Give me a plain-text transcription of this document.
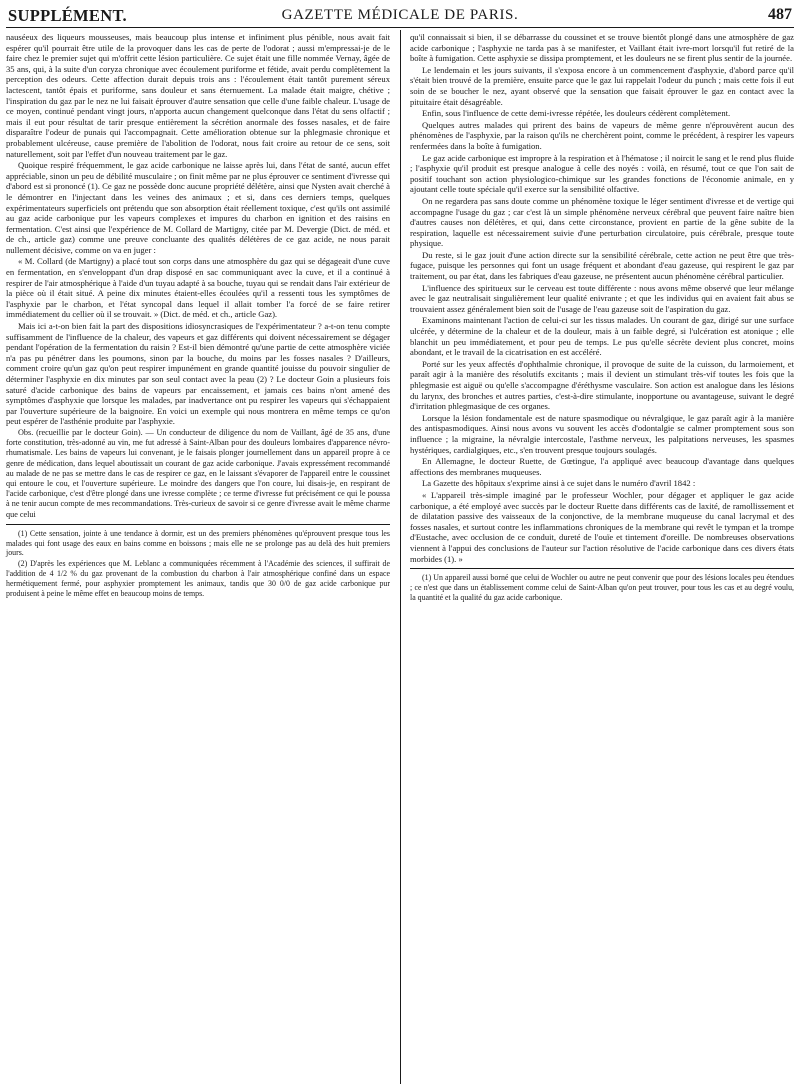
SUPPLÉMENT.	GAZETTE MÉDICALE DE PARIS.	487

nauséeux des liqueurs mousseuses, mais beaucoup plus intense et infiniment plus pénible, nous avait fait espérer qu'il pourrait être utile de la provoquer dans les cas de perte de l'odorat ; aussi m'empressai-je de le faire chez le premier sujet qui m'offrit cette lésion particulière. Ce sujet était une fille nommée Vernay, âgée de 35 ans, qui, à la suite d'un coryza chronique avec écoulement puriforme et fétide, avait perdu complètement la perception des odeurs. Cette affection durait depuis trois ans : l'écoulement était tantôt purement séreux lactescent, tantôt épais et puriforme, sans douleur et sans éternuement. La malade était maigre, chétive ; l'inspiration du gaz par le nez ne lui faisait éprouver d'autre sensation que celle d'une faible chaleur. L'usage de ce moyen, continué pendant vingt jours, n'apporta aucun changement quelconque dans l'état du sens olfactif ; mais il eut pour résultat de tarir presque entièrement la sécrétion anormale des fosses nasales, et de faire disparaître l'odeur de punais qui l'accompagnait. Cette amélioration obtenue sur la phlegmasie chronique et probablement ulcéreuse, cause première de l'abolition de l'odorat, nous fait croire au retour de ce sens, soit naturellement, soit par l'effet d'un nouveau traitement par le gaz.

Quoique respiré fréquemment, le gaz acide carbonique ne laisse après lui, dans l'état de santé, aucun effet appréciable, sinon un peu de débilité musculaire ; on finit même par ne plus éprouver ce sentiment d'ivresse qui d'abord est si prononcé (1). Ce gaz ne possède donc aucune propriété délétère, ainsi que Nysten avait cherché à le démontrer en l'injectant dans les veines des animaux ; et si, dans ces derniers temps, quelques expérimentateurs superficiels ont prétendu que son absorption était réellement toxique, c'est qu'ils ont assimilé au gaz acide carbonique pur les vapeurs complexes et impures du charbon en ignition et des raisins en fermentation. C'est ainsi que l'expérience de M. Collard de Martigny, citée par M. Devergie (Dict. de méd. et de ch., article gaz) comme une preuve concluante des qualités délétères de ce gaz acide, ne nous parait nullement décisive, comme on va en juger :

« M. Collard (de Martigny) a placé tout son corps dans une atmosphère du gaz qui se dégageait d'une cuve en fermentation, en s'enveloppant d'un drap disposé en sac communiquant avec la cuve, et il a continué à respirer de l'air atmosphérique à l'aide d'un tuyau adapté à sa bouche, tuyau qui se rendait dans l'air extérieur de la pièce où il était situé. A peine dix minutes étaient-elles écoulées qu'il a ressenti tous les symptômes de l'asphyxie par le charbon, et l'état syncopal dans lequel il allait tomber l'a forcé de se faire retirer immédiatement du cellier où il se trouvait. » (Dict. de méd. et ch., article Gaz).

Mais ici a-t-on bien fait la part des dispositions idiosyncrasiques de l'expérimentateur ? a-t-on tenu compte suffisamment de l'influence de la chaleur, des vapeurs et gaz différents qui doivent nécessairement se dégager pendant l'opération de la fermentation du raisin ? Est-il bien démontré qu'une partie de cette atmosphère viciée n'a pas pu pénétrer dans les poumons, sinon par la bouche, du moins par les fosses nasales ? D'ailleurs, comment croire qu'un gaz qu'on peut respirer impunément en grande quantité jouisse du pouvoir singulier de déterminer l'asphyxie en dix minutes par son seul contact avec la peau (2) ? Le docteur Goin a plusieurs fois saturé d'acide carbonique des bains de vapeurs par encaissement, et jamais ces bains n'ont amené des symptômes d'asphyxie que lorsque les malades, par inadvertance ont pu respirer les vapeurs qui s'échappaient par l'ouverture supérieure de la baignoire. En voici un exemple qui nous montrera en même temps ce qu'on peut espérer de l'asthénie produite par l'asphyxie.

Obs. (recueillie par le docteur Goin). — Un conducteur de diligence du nom de Vaillant, âgé de 35 ans, d'une forte constitution, très-adonné au vin, me fut adressé à Saint-Alban pour des douleurs lombaires d'apparence névro-rhumatismale. Les bains de vapeurs lui convenant, je le faisais plonger journellement dans un appareil propre à ce genre de médication, dans lequel aboutissait un courant de gaz acide carbonique. J'avais expressément recommandé au malade de ne pas se mettre dans le cas de respirer ce gaz, en le laissant s'évaporer de l'appareil entre le coussinet qui entoure le cou, et l'ouverture supérieure. Le moindre des dangers que l'on coure, lui disais-je, en respirant de l'acide carbonique, c'est d'être plongé dans une ivresse complète ; ce terme d'ivresse fut précisément ce qui le poussa à ne tenir aucun compte de mes recommandations. Très-curieux de savoir si ce genre d'ivresse avait le même charme que celui

(1) Cette sensation, jointe à une tendance à dormir, est un des premiers phénomènes qu'éprouvent presque tous les malades qui font usage des eaux en bains comme en boissons ; mais elle ne se prolonge pas au delà des huit premiers jours.

(2) D'après les expériences que M. Leblanc a communiquées récemment à l'Académie des sciences, il suffirait de l'addition de 4 1/2 % du gaz provenant de la combustion du charbon à l'air atmosphérique confiné dans un espace hermétiquement fermé, pour asphyxier promptement les animaux, tandis que 30 0/0 de gaz acide carbonique pur produisent à peine le même effet en beaucoup moins de temps.

qu'il connaissait si bien, il se débarrasse du coussinet et se trouve bientôt plongé dans une atmosphère de gaz acide carbonique ; l'asphyxie ne tarda pas à se manifester, et Vaillant était ivre-mort lorsqu'il fut retiré de la boîte à fumigation. Cette asphyxie se dissipa promptement, et les douleurs ne se firent plus sentir de la journée.

Le lendemain et les jours suivants, il s'exposa encore à un commencement d'asphyxie, d'abord parce qu'il s'était bien trouvé de la première, ensuite parce que le gaz lui rappelait l'odeur du punch ; mais cette fois il eut soin de se boucher le nez, ayant observé que la sensation que faisait éprouver le gaz en contact avec la pituitaire était désagréable.

Enfin, sous l'influence de cette demi-ivresse répétée, les douleurs cédèrent complètement.

Quelques autres malades qui prirent des bains de vapeurs de même genre n'éprouvèrent aucun des phénomènes de l'asphyxie, par la raison qu'ils ne cherchèrent point, comme le précédent, à respirer les vapeurs renfermées dans la boîte à fumigation.

Le gaz acide carbonique est impropre à la respiration et à l'hématose ; il noircit le sang et le rend plus fluide ; l'asphyxie qu'il produit est presque analogue à celle des noyés : voilà, en résumé, tout ce que l'on sait de positif touchant son action physiologico-chimique sur les grandes fonctions de l'économie animale, en y ajoutant celle toute spéciale qu'il exerce sur la sensibilité olfactive.

On ne regardera pas sans doute comme un phénomène toxique le léger sentiment d'ivresse et de vertige qui accompagne l'usage du gaz ; car c'est là un simple phénomène nerveux cérébral que peuvent faire naître bien d'autres causes non délétères, et qui, dans cette circonstance, provient en partie de la gêne subite de la respiration, laquelle est nécessairement suivie d'une perturbation circulatoire, puis cérébrale, presque toute physique.

Du reste, si le gaz jouit d'une action directe sur la sensibilité cérébrale, cette action ne peut être que très-fugace, puisque les personnes qui font un usage fréquent et abondant d'eau gazeuse, qui respirent le gaz par traitement, ou par état, dans les fabriques d'eau gazeuse, ne présentent aucun phénomène cérébral particulier.

L'influence des spiritueux sur le cerveau est toute différente : nous avons même observé que leur mélange avec le gaz neutralisait singulièrement leur qualité enivrante ; et que les individus qui en avaient fait abus se trouvaient assez généralement bien soit de l'usage de l'eau gazeuse soit de l'aspiration du gaz.

Examinons maintenant l'action de celui-ci sur les tissus malades. Un courant de gaz, dirigé sur une surface ulcérée, y détermine de la chaleur et de la douleur, mais à un faible degré, si l'ulcération est atonique ; elle blanchit un peu immédiatement, et pour peu de temps. Le pus qu'elle sécrète devient plus concret, moins abondant, et le travail de la cicatrisation en est accéléré.

Porté sur les yeux affectés d'ophthalmie chronique, il provoque de suite de la cuisson, du larmoiement, et paraît agir à la manière des résolutifs excitants ; mais il devient un stimulant très-vif toutes les fois que la phlegmasie est aiguë ou qu'elle s'accompagne d'éréthysme vasculaire. Son action est analogue dans les lésions du larynx, des bronches et autres parties, c'est-à-dire stimulante, inopportune ou avantageuse, suivant le degré d'irritation phlegmasique de ces organes.

Lorsque la lésion fondamentale est de nature spasmodique ou névralgique, le gaz paraît agir à la manière des antispasmodiques. Ainsi nous avons vu souvent les accès d'odontalgie se calmer promptement sous son influence ; la migraine, la névralgie intercostale, l'asthme nerveux, les palpitations nerveuses, les spasmes hystériques, cardialgiques, etc., s'en trouvent presque toujours soulagés.

En Allemagne, le docteur Ruette, de Gœtingue, l'a appliqué avec beaucoup d'avantage dans quelques affections des membranes muqueuses.

La Gazette des hôpitaux s'exprime ainsi à ce sujet dans le numéro d'avril 1842 :

« L'appareil très-simple imaginé par le professeur Wochler, pour dégager et appliquer le gaz acide carbonique, a été employé avec succès par le docteur Ruette dans différents cas de laxité, de ramollissement et de dilatation passive des vaisseaux de la conjonctive, de la membrane muqueuse du canal lacrymal et des fosses nasales, et surtout contre les inflammations chroniques de la membrane qui revêt le tympan et la trompe d'Eustache, avec occlusion de ce conduit, dureté de l'ouïe et tintement d'oreille. De nombreuses observations viennent à l'appui des conclusions de l'auteur sur l'action résolutive de l'acide carbonique dans ces divers états morbides (1). »

(1) Un appareil aussi borné que celui de Wochler ou autre ne peut convenir que pour des lésions locales peu étendues ; ce n'est que dans un établissement comme celui de Saint-Alban qu'on peut trouver, pour tous les cas et au degré voulu, la quantité et la qualité du gaz acide carbonique.
